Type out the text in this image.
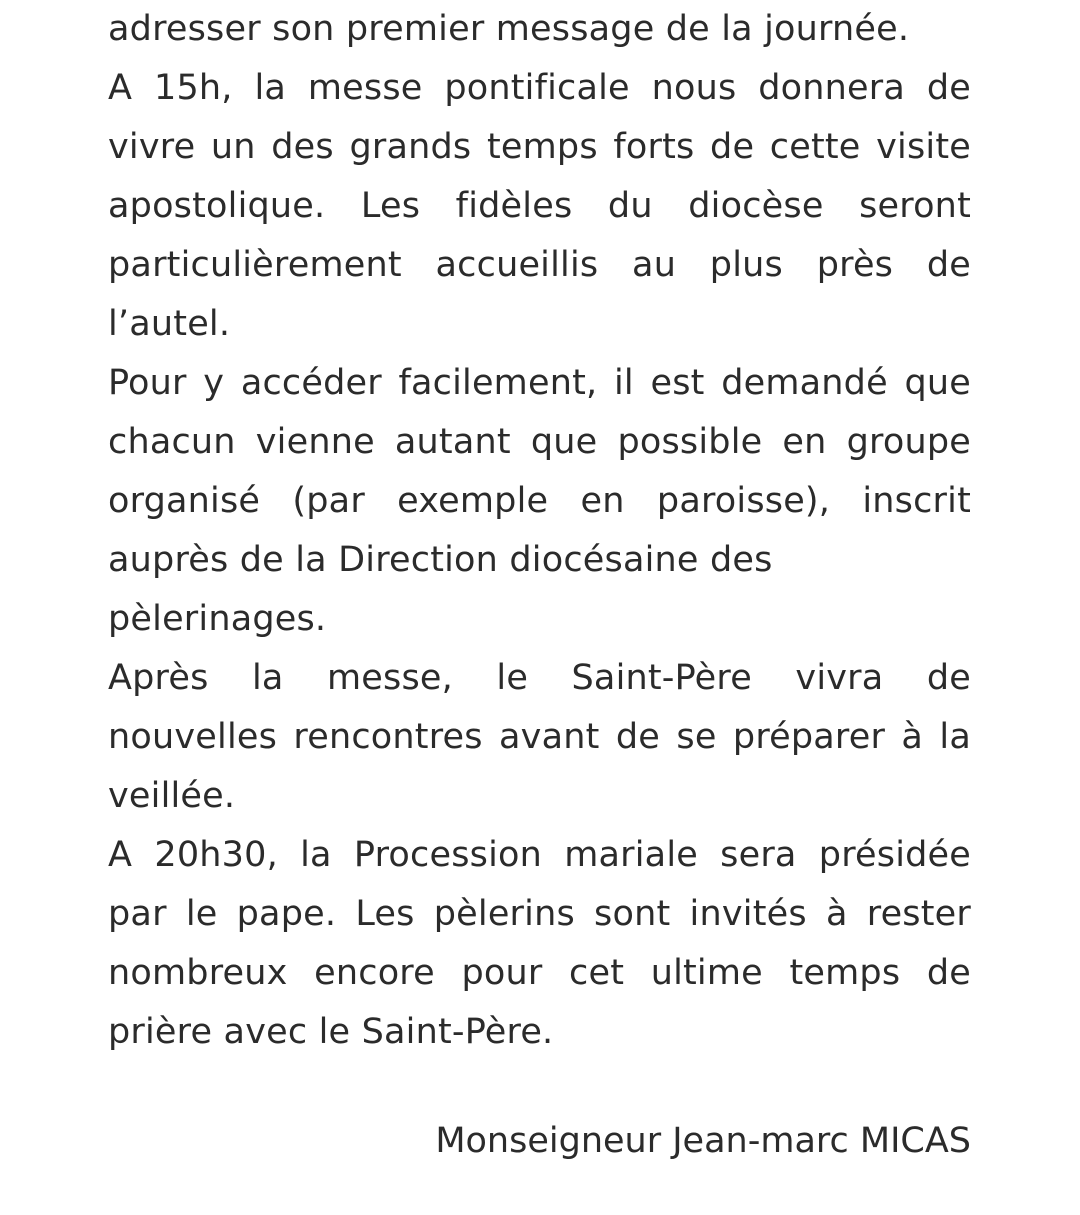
adresser son premier message de la journée.
A 15h, la messe pontificale nous donnera de
vivre un des grands temps forts de cette visite
apostolique. Les fidèles du diocèse seront
particulièrement accueillis au plus près de
l’autel.
Pour y accéder facilement, il est demandé que
chacun vienne autant que possible en groupe
organisé (par exemple en paroisse), inscrit
auprès de la Direction diocésaine des
pèlerinages.
Après la messe, le Saint-Père vivra de
nouvelles rencontres avant de se préparer à la
veillée.
A 20h30, la Procession mariale sera présidée
par le pape. Les pèlerins sont invités à rester
nombreux encore pour cet ultime temps de
prière avec le Saint-Père.
Monseigneur Jean-marc MICAS
